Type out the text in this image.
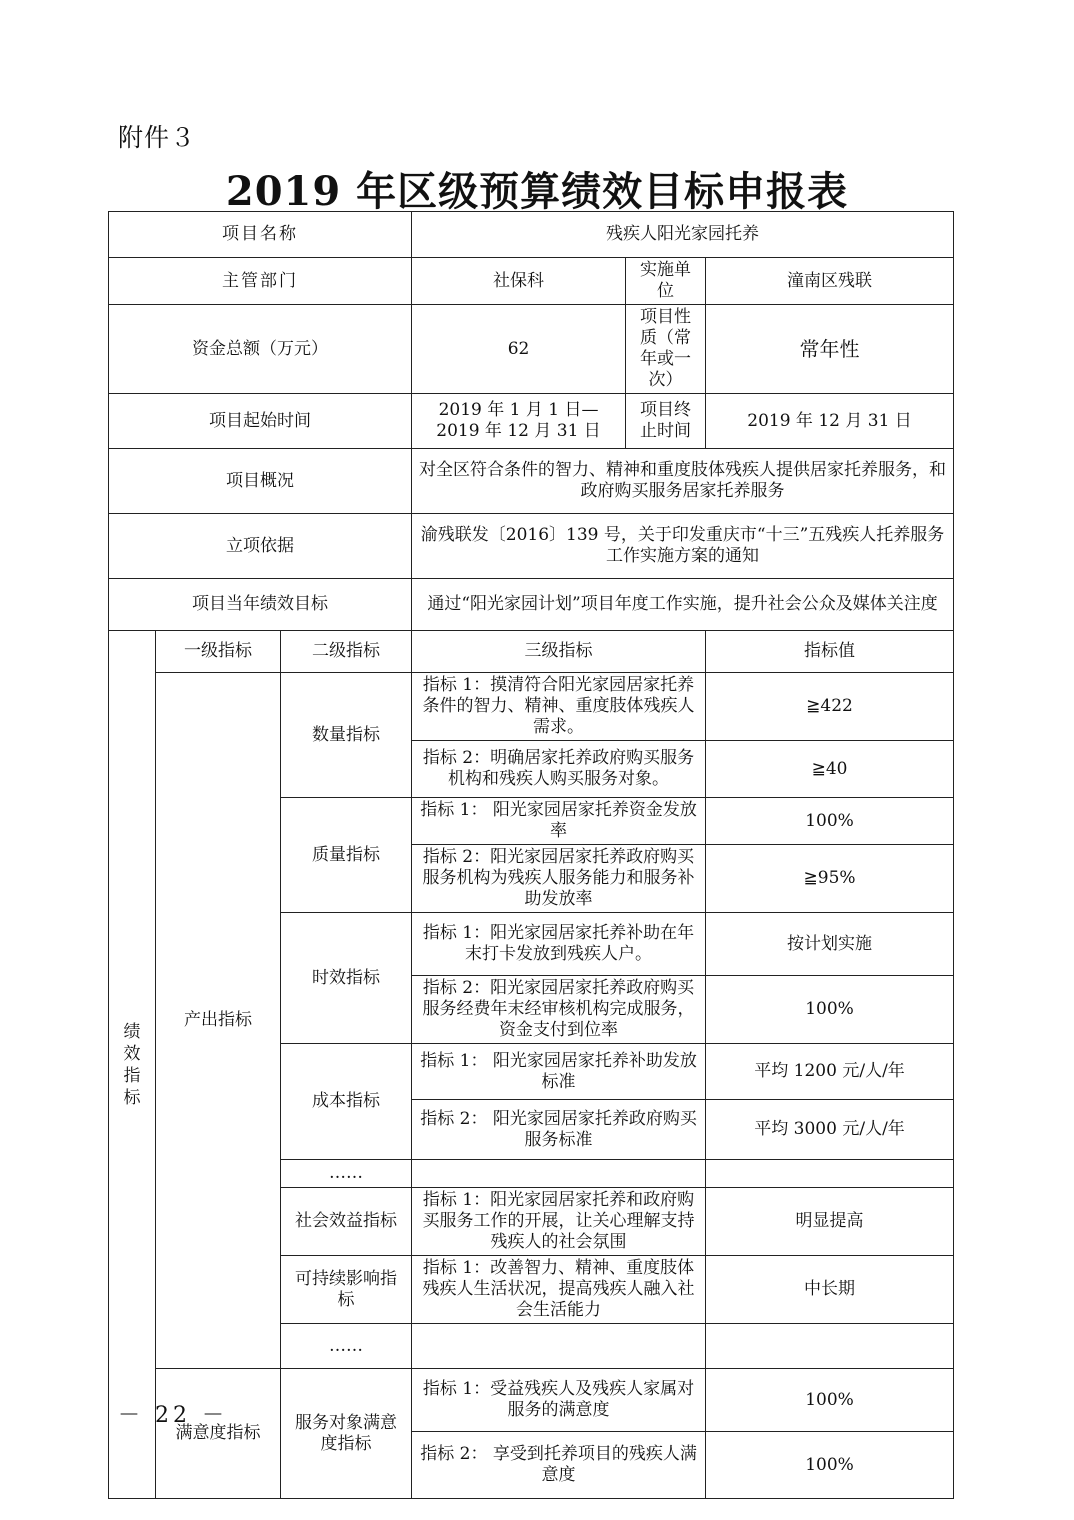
附件３
2019 年区级预算绩效目标申报表
项目名称			残疾人阳光家园托养		
主管部门			社保科	实施单位	潼南区残联
资金总额（万元）			62	项目性质（常年或一次）	常年性
项目起始时间			2019 年 1 月 1 日—2019 年 12 月 31 日	项目终止时间	2019 年 12 月 31 日
项目概况			对全区符合条件的智力、精神和重度肢体残疾人提供居家托养服务，和政府购买服务居家托养服务		
立项依据			渝残联发〔2016〕139 号，关于印发重庆市“十三”五残疾人托养服务工作实施方案的通知		
项目当年绩效目标			通过“阳光家园计划”项目年度工作实施，提升社会公众及媒体关注度		
绩效指标	一级指标	二级指标	三级指标		指标值
	产出指标	数量指标	指标 1：摸清符合阳光家园居家托养条件的智力、精神、重度肢体残疾人需求。		≧422
			指标 2：明确居家托养政府购买服务机构和残疾人购买服务对象。		≧40
		质量指标	指标 1： 阳光家园居家托养资金发放率		100%
			指标 2：阳光家园居家托养政府购买服务机构为残疾人服务能力和服务补助发放率		≧95%
		时效指标	指标 1：阳光家园居家托养补助在年末打卡发放到残疾人户。		按计划实施
			指标 2：阳光家园居家托养政府购买服务经费年末经审核机构完成服务，资金支付到位率		100%
		成本指标	指标 1： 阳光家园居家托养补助发放标准		平均 1200 元/人/年
			指标 2： 阳光家园居家托养政府购买服务标准		平均 3000 元/人/年
		……			
		社会效益指标	指标 1：阳光家园居家托养和政府购买服务工作的开展，让关心理解支持残疾人的社会氛围		明显提高
		可持续影响指标	指标 1：改善智力、精神、重度肢体残疾人生活状况，提高残疾人融入社会生活能力		中长期
		……			
	满意度指标	服务对象满意度指标	指标 1：受益残疾人及残疾人家属对服务的满意度		100%
			指标 2： 享受到托养项目的残疾人满意度		100%
－ 22 －
